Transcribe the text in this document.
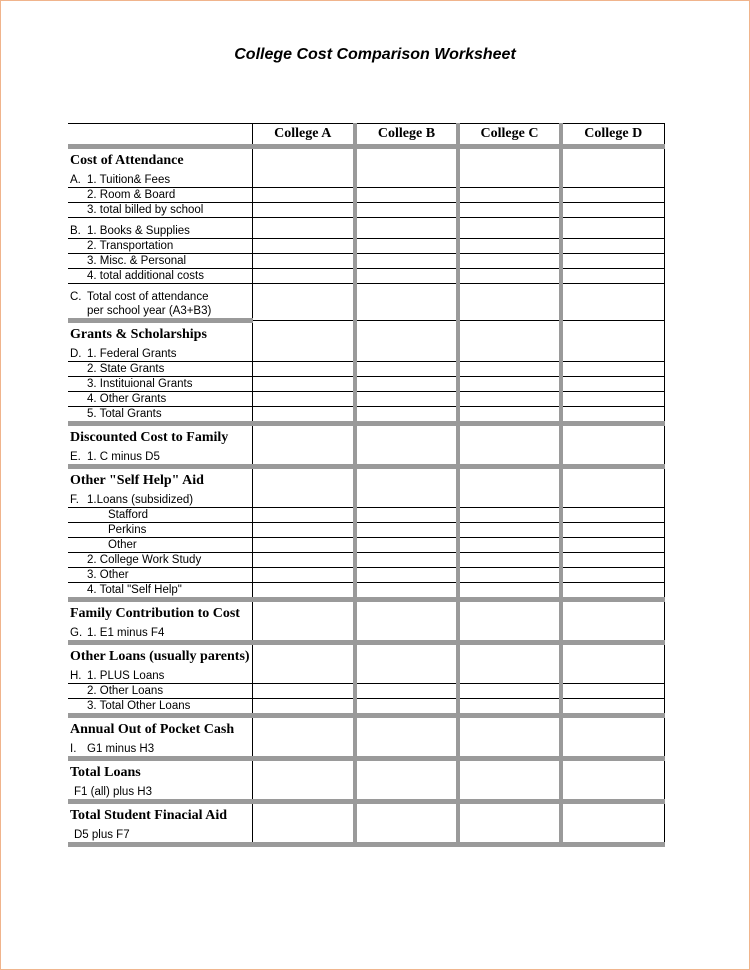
College Cost Comparison Worksheet
	College A	College B	College C	College D
Cost of Attendance				
A. 1. Tuition& Fees				
2. Room & Board				
3. total billed by school				

B. 1. Books & Supplies				
2. Transportation				
3. Misc. & Personal				
4. total additional costs				

C. Total cost of attendance				
per school year (A3+B3)				
Grants & Scholarships				
D. 1. Federal Grants				
2. State Grants				
3. Instituional Grants				
4. Other Grants				
5. Total Grants				
Discounted Cost to Family				
E. 1. C minus D5				
Other "Self Help" Aid				
F. 1.Loans (subsidized)				
Stafford				
Perkins				
Other				
2. College Work Study				
3. Other				
4. Total "Self Help"				
Family Contribution to Cost				
G. 1. E1 minus F4				
Other Loans (usually parents)				
H. 1. PLUS Loans				
2. Other Loans				
3. Total Other Loans				
Annual Out of Pocket Cash				
I. G1 minus H3				
Total Loans				
F1 (all) plus H3				
Total Student Finacial Aid				
D5 plus F7				
